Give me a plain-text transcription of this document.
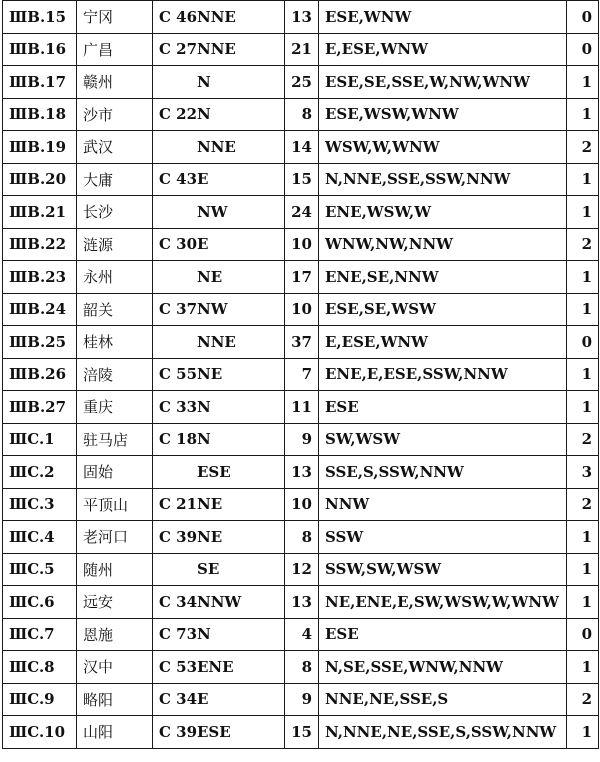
ⅢB.15	宁冈	C 46NNE	13	ESE,WNW	0
ⅢB.16	广昌	C 27NNE	21	E,ESE,WNW	0
ⅢB.17	赣州	N	25	ESE,SE,SSE,W,NW,WNW	1
ⅢB.18	沙市	C 22N	8	ESE,WSW,WNW	1
ⅢB.19	武汉	NNE	14	WSW,W,WNW	2
ⅢB.20	大庸	C 43E	15	N,NNE,SSE,SSW,NNW	1
ⅢB.21	长沙	NW	24	ENE,WSW,W	1
ⅢB.22	涟源	C 30E	10	WNW,NW,NNW	2
ⅢB.23	永州	NE	17	ENE,SE,NNW	1
ⅢB.24	韶关	C 37NW	10	ESE,SE,WSW	1
ⅢB.25	桂林	NNE	37	E,ESE,WNW	0
ⅢB.26	涪陵	C 55NE	7	ENE,E,ESE,SSW,NNW	1
ⅢB.27	重庆	C 33N	11	ESE	1
ⅢC.1	驻马店	C 18N	9	SW,WSW	2
ⅢC.2	固始	ESE	13	SSE,S,SSW,NNW	3
ⅢC.3	平顶山	C 21NE	10	NNW	2
ⅢC.4	老河口	C 39NE	8	SSW	1
ⅢC.5	随州	SE	12	SSW,SW,WSW	1
ⅢC.6	远安	C 34NNW	13	NE,ENE,E,SW,WSW,W,WNW	1
ⅢC.7	恩施	C 73N	4	ESE	0
ⅢC.8	汉中	C 53ENE	8	N,SE,SSE,WNW,NNW	1
ⅢC.9	略阳	C 34E	9	NNE,NE,SSE,S	2
ⅢC.10	山阳	C 39ESE	15	N,NNE,NE,SSE,S,SSW,NNW	1
